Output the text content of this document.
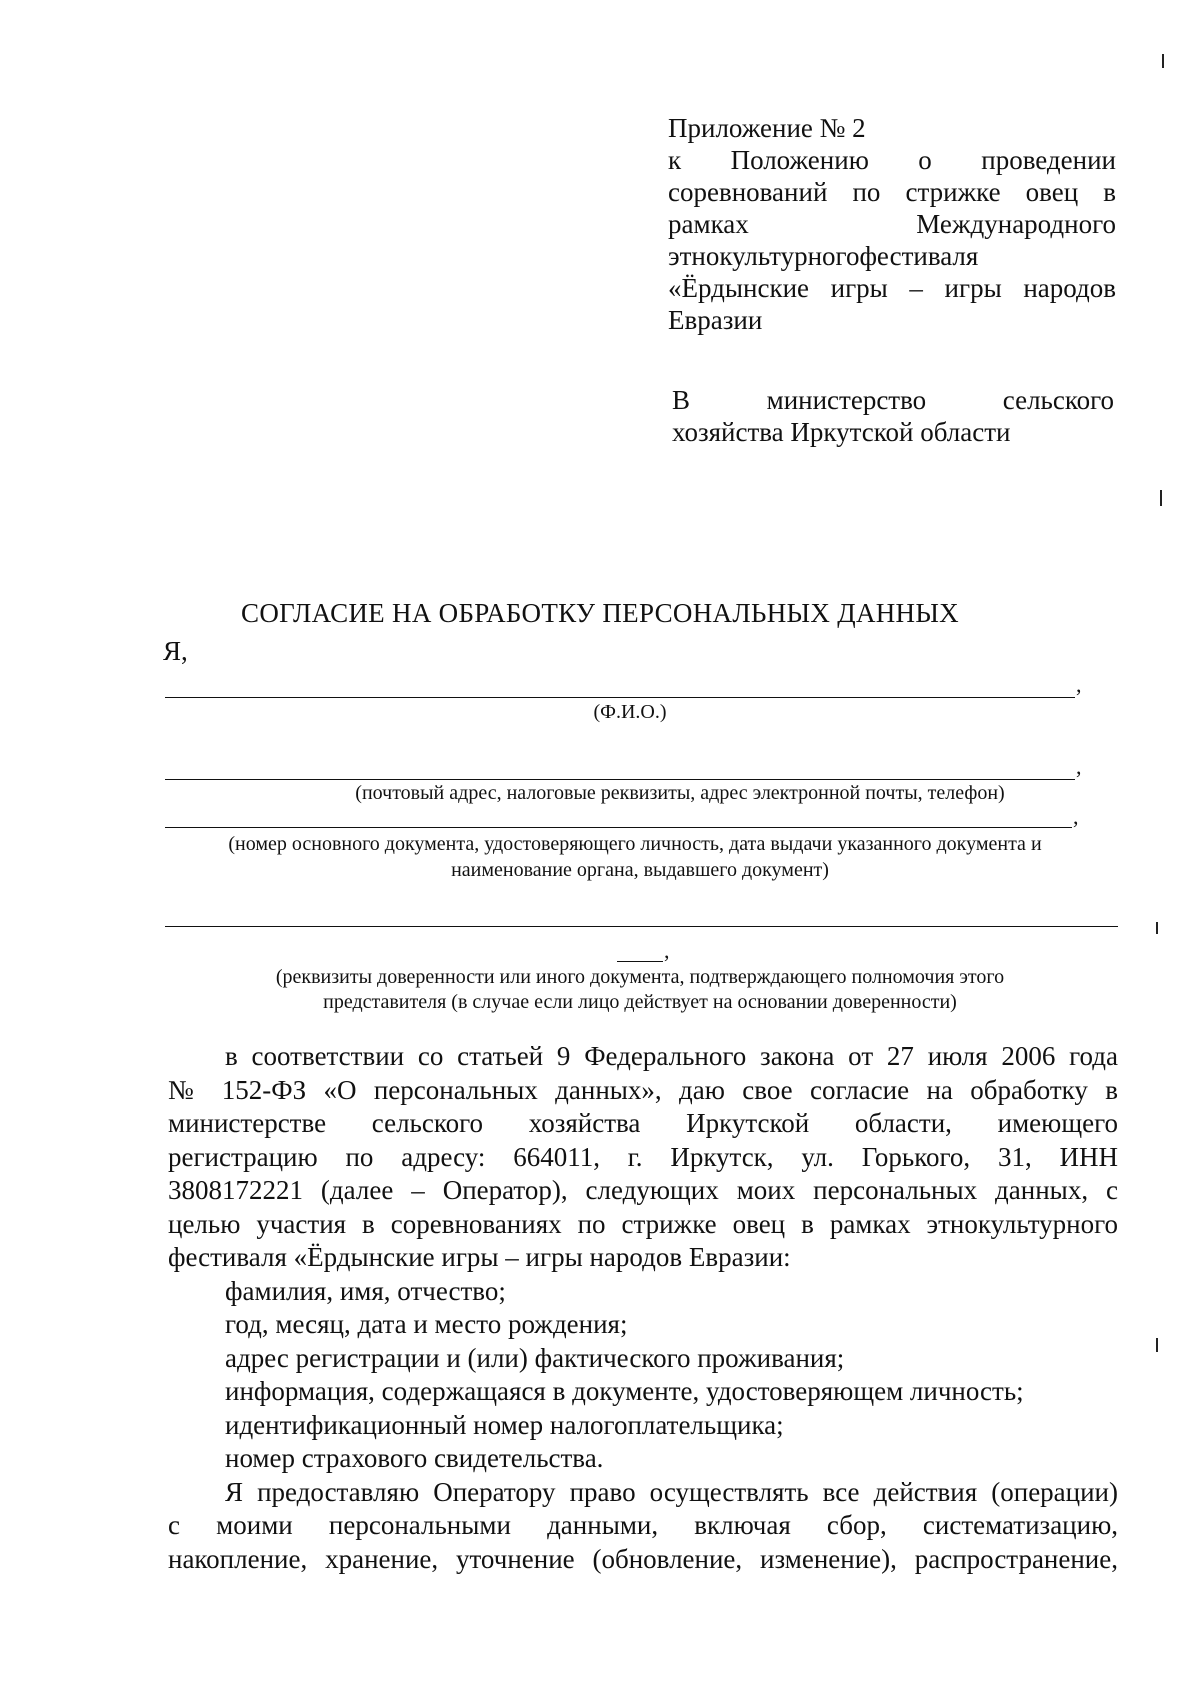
Приложение № 2
к Положению о проведении
соревнований по стрижке овец в
рамках Международного
этнокультурногофестиваля
«Ёрдынские игры – игры народов
Евразии
В министерство сельского
хозяйства Иркутской области
СОГЛАСИЕ НА ОБРАБОТКУ ПЕРСОНАЛЬНЫХ ДАННЫХ
Я,
,
(Ф.И.О.)
,
(почтовый адрес, налоговые реквизиты, адрес электронной почты, телефон)
,
(номер основного документа, удостоверяющего личность, дата выдачи указанного документа и
наименование органа, выдавшего документ)
,
(реквизиты доверенности или иного документа, подтверждающего полномочия этого
представителя (в случае если лицо действует на основании доверенности)
в соответствии со статьей 9 Федерального закона от 27 июля 2006 года
№ 152-ФЗ «О персональных данных», даю свое согласие на обработку в
министерстве сельского хозяйства Иркутской области, имеющего
регистрацию по адресу: 664011, г. Иркутск, ул. Горького, 31, ИНН
3808172221 (далее – Оператор), следующих моих персональных данных, с
целью участия в соревнованиях по стрижке овец в рамках этнокультурного
фестиваля «Ёрдынские игры – игры народов Евразии:
фамилия, имя, отчество;
год, месяц, дата и место рождения;
адрес регистрации и (или) фактического проживания;
информация, содержащаяся в документе, удостоверяющем личность;
идентификационный номер налогоплательщика;
номер страхового свидетельства.
Я предоставляю Оператору право осуществлять все действия (операции)
с моими персональными данными, включая сбор, систематизацию,
накопление, хранение, уточнение (обновление, изменение), распространение,
